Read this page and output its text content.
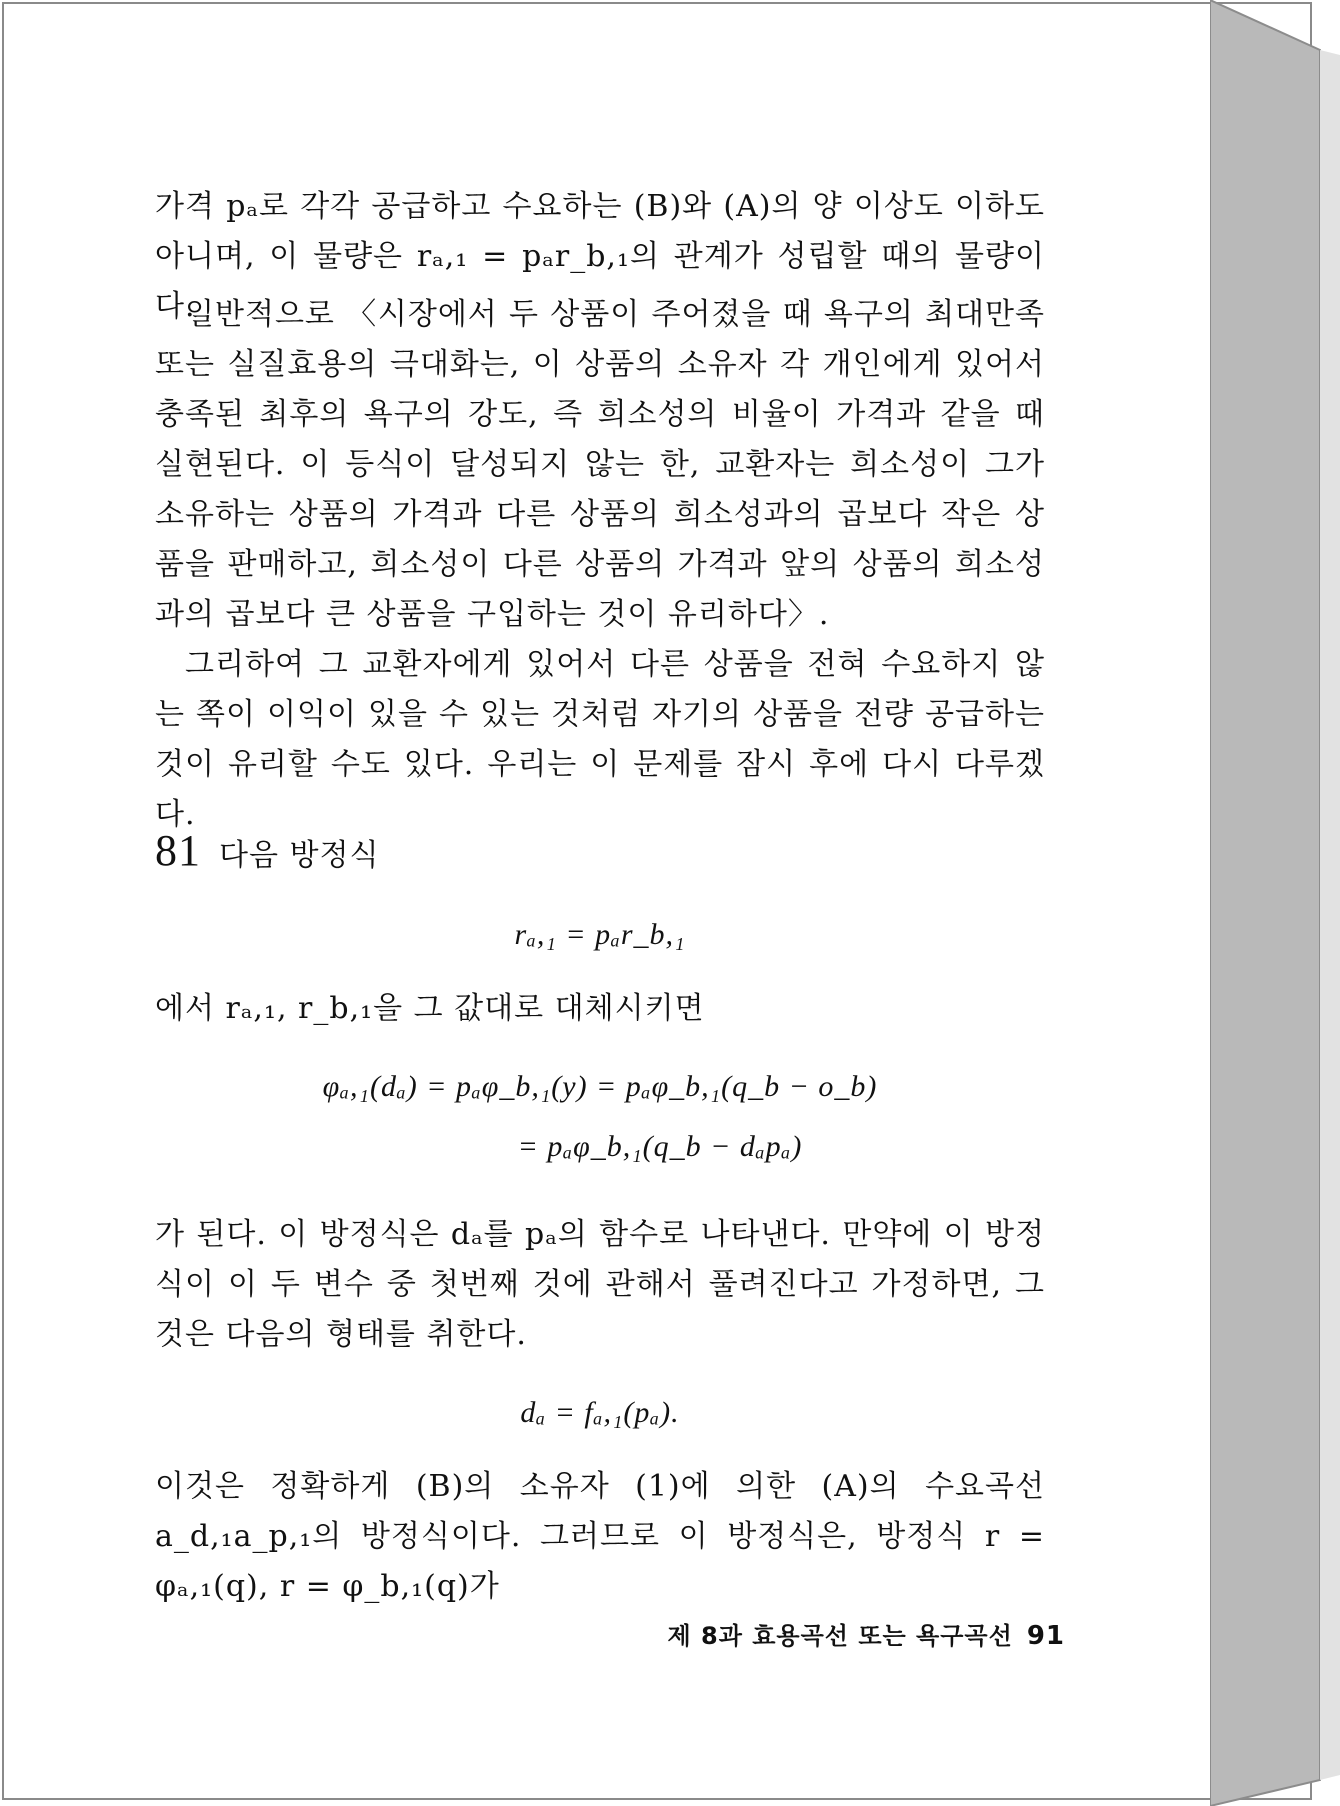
가격 pₐ로 각각 공급하고 수요하는 (B)와 (A)의 양 이상도 이하도 아니며, 이 물량은 rₐ,₁ = pₐr_b,₁의 관계가 성립할 때의 물량이다.

일반적으로 〈시장에서 두 상품이 주어졌을 때 욕구의 최대만족 또는 실질효용의 극대화는, 이 상품의 소유자 각 개인에게 있어서 충족된 최후의 욕구의 강도, 즉 희소성의 비율이 가격과 같을 때 실현된다. 이 등식이 달성되지 않는 한, 교환자는 희소성이 그가 소유하는 상품의 가격과 다른 상품의 희소성과의 곱보다 작은 상품을 판매하고, 희소성이 다른 상품의 가격과 앞의 상품의 희소성과의 곱보다 큰 상품을 구입하는 것이 유리하다〉.

그리하여 그 교환자에게 있어서 다른 상품을 전혀 수요하지 않는 쪽이 이익이 있을 수 있는 것처럼 자기의 상품을 전량 공급하는 것이 유리할 수도 있다. 우리는 이 문제를 잠시 후에 다시 다루겠다.

81 다음 방정식
rₐ,₁ = pₐr_b,₁

에서 rₐ,₁, r_b,₁을 그 값대로 대체시키면

φₐ,₁(dₐ) = pₐφ_b,₁(y) = pₐφ_b,₁(q_b − o_b)
= pₐφ_b,₁(q_b − dₐpₐ)

가 된다. 이 방정식은 dₐ를 pₐ의 함수로 나타낸다. 만약에 이 방정식이 이 두 변수 중 첫번째 것에 관해서 풀려진다고 가정하면, 그것은 다음의 형태를 취한다.

dₐ = fₐ,₁(pₐ).

이것은 정확하게 (B)의 소유자 (1)에 의한 (A)의 수요곡선 a_d,₁a_p,₁의 방정식이다. 그러므로 이 방정식은, 방정식 r = φₐ,₁(q), r = φ_b,₁(q)가

제 8과 효용곡선 또는 욕구곡선 91
